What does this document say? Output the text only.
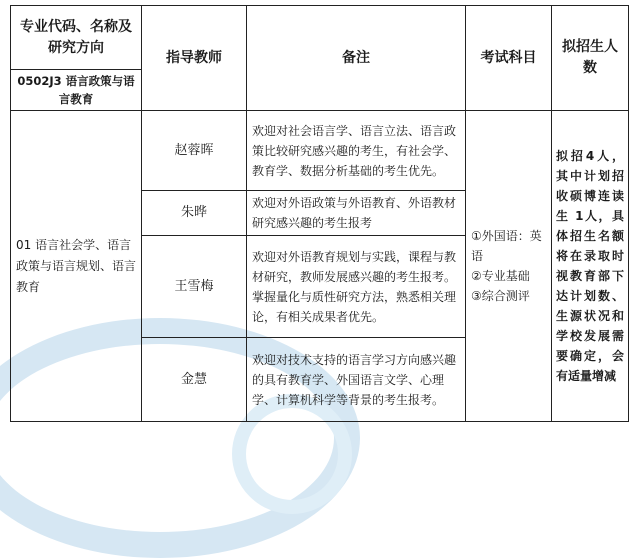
专业代码、名称及研究方向	指导教师	备注	考试科目	拟招生人数
0502J3 语言政策与语言教育				
01 语言社会学、语言政策与语言规划、语言教育	赵蓉晖	欢迎对社会语言学、语言立法、语言政策比较研究感兴趣的考生，有社会学、教育学、数据分析基础的考生优先。	①外国语：英语
②专业基础
③综合测评	拟招4人，其中计划招收硕博连读生 1人，具体招生名额将在录取时视教育部下达计划数、生源状况和学校发展需要确定，会有适量增减
	朱晔	欢迎对外语政策与外语教育、外语教材研究感兴趣的考生报考		
	王雪梅	欢迎对外语教育规划与实践，课程与教材研究，教师发展感兴趣的考生报考。掌握量化与质性研究方法，熟悉相关理论，有相关成果者优先。		
	金慧	欢迎对技术支持的语言学习方向感兴趣的具有教育学、外国语言文学、心理学、计算机科学等背景的考生报考。		
